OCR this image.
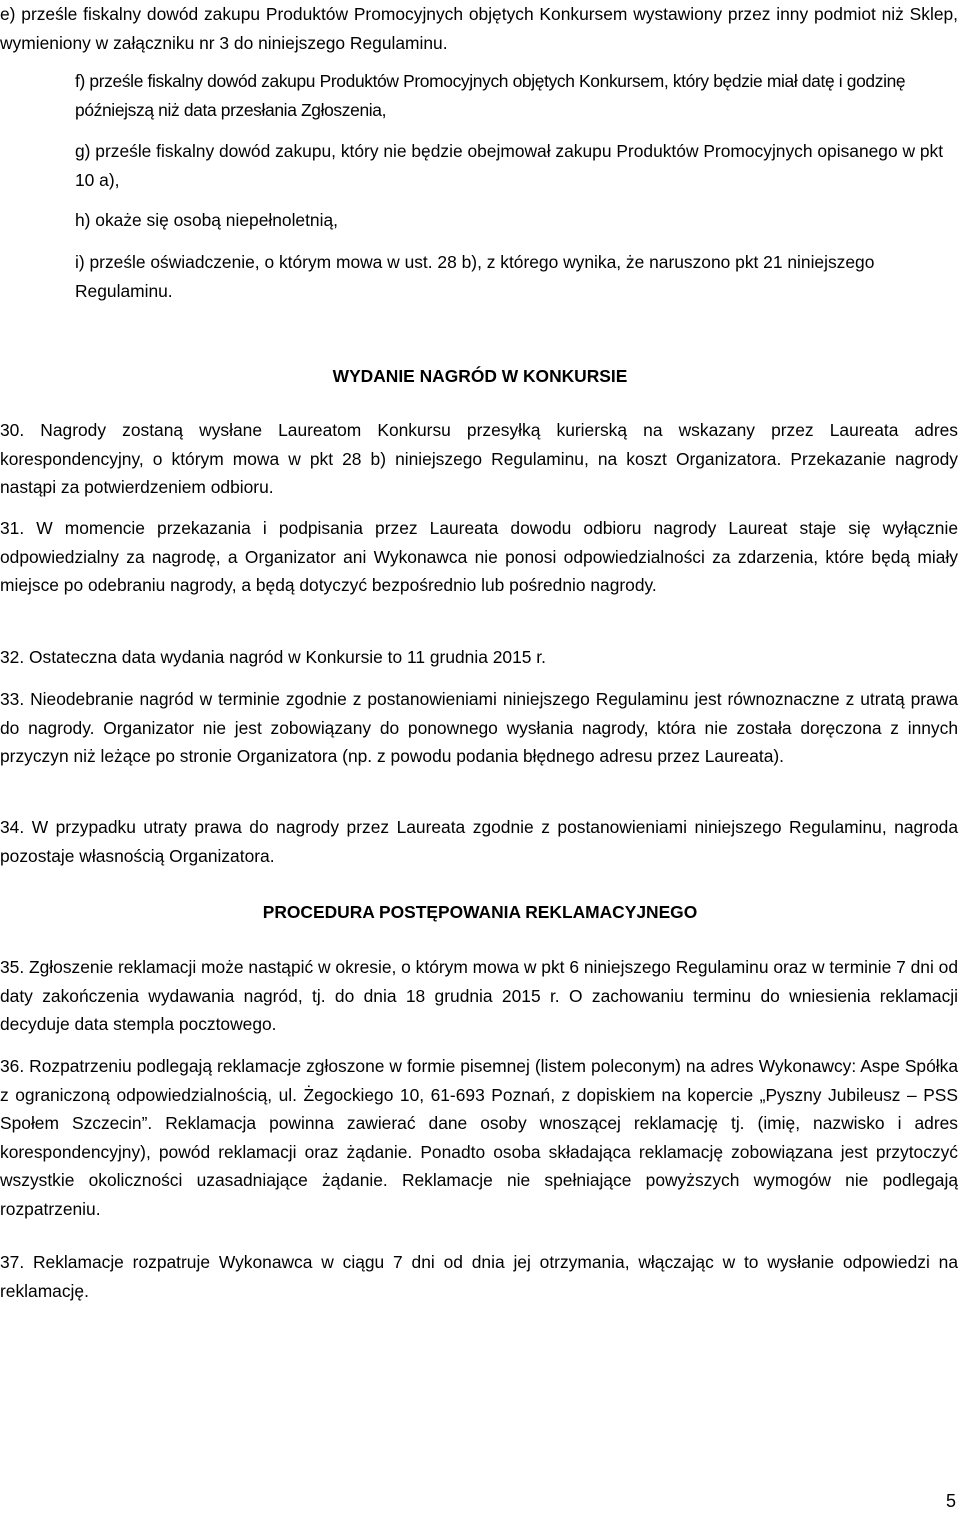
e) prześle fiskalny dowód zakupu Produktów Promocyjnych objętych Konkursem wystawiony przez inny podmiot niż Sklep, wymieniony w załączniku nr 3 do niniejszego Regulaminu.

f) prześle fiskalny dowód zakupu Produktów Promocyjnych objętych Konkursem, który będzie miał datę i godzinę późniejszą niż data przesłania Zgłoszenia,

g) prześle fiskalny dowód zakupu, który nie będzie obejmował zakupu Produktów Promocyjnych opisanego w pkt 10 a),

h) okaże się osobą niepełnoletnią,

i) prześle oświadczenie, o którym mowa w ust. 28 b), z którego wynika, że naruszono pkt 21 niniejszego Regulaminu.

WYDANIE NAGRÓD W KONKURSIE

30. Nagrody zostaną wysłane Laureatom Konkursu przesyłką kurierską na wskazany przez Laureata adres korespondencyjny, o którym mowa w pkt 28 b) niniejszego Regulaminu, na koszt Organizatora. Przekazanie nagrody nastąpi za potwierdzeniem odbioru.

31. W momencie przekazania i podpisania przez Laureata dowodu odbioru nagrody Laureat staje się wyłącznie odpowiedzialny za nagrodę, a Organizator ani Wykonawca nie ponosi odpowiedzialności za zdarzenia, które będą miały miejsce po odebraniu nagrody, a będą dotyczyć bezpośrednio lub pośrednio nagrody.

32. Ostateczna data wydania nagród w Konkursie to 11 grudnia 2015 r.

33. Nieodebranie nagród w terminie zgodnie z postanowieniami niniejszego Regulaminu jest równoznaczne z utratą prawa do nagrody. Organizator nie jest zobowiązany do ponownego wysłania nagrody, która nie została doręczona z innych przyczyn niż leżące po stronie Organizatora (np. z powodu podania błędnego adresu przez Laureata).

34. W przypadku utraty prawa do nagrody przez Laureata zgodnie z postanowieniami niniejszego Regulaminu, nagroda pozostaje własnością Organizatora.

PROCEDURA POSTĘPOWANIA REKLAMACYJNEGO

35. Zgłoszenie reklamacji może nastąpić w okresie, o którym mowa w pkt 6 niniejszego Regulaminu oraz w terminie 7 dni od daty zakończenia wydawania nagród, tj. do dnia 18 grudnia 2015 r. O zachowaniu terminu do wniesienia reklamacji decyduje data stempla pocztowego.

36. Rozpatrzeniu podlegają reklamacje zgłoszone w formie pisemnej (listem poleconym) na adres Wykonawcy: Aspe Spółka z ograniczoną odpowiedzialnością, ul. Żegockiego 10, 61-693 Poznań, z dopiskiem na kopercie „Pyszny Jubileusz – PSS Społem Szczecin”. Reklamacja powinna zawierać dane osoby wnoszącej reklamację tj. (imię, nazwisko i adres korespondencyjny), powód reklamacji oraz żądanie. Ponadto osoba składająca reklamację zobowiązana jest przytoczyć wszystkie okoliczności uzasadniające żądanie. Reklamacje nie spełniające powyższych wymogów nie podlegają rozpatrzeniu.

37. Reklamacje rozpatruje Wykonawca w ciągu 7 dni od dnia jej otrzymania, włączając w to wysłanie odpowiedzi na reklamację.

5
